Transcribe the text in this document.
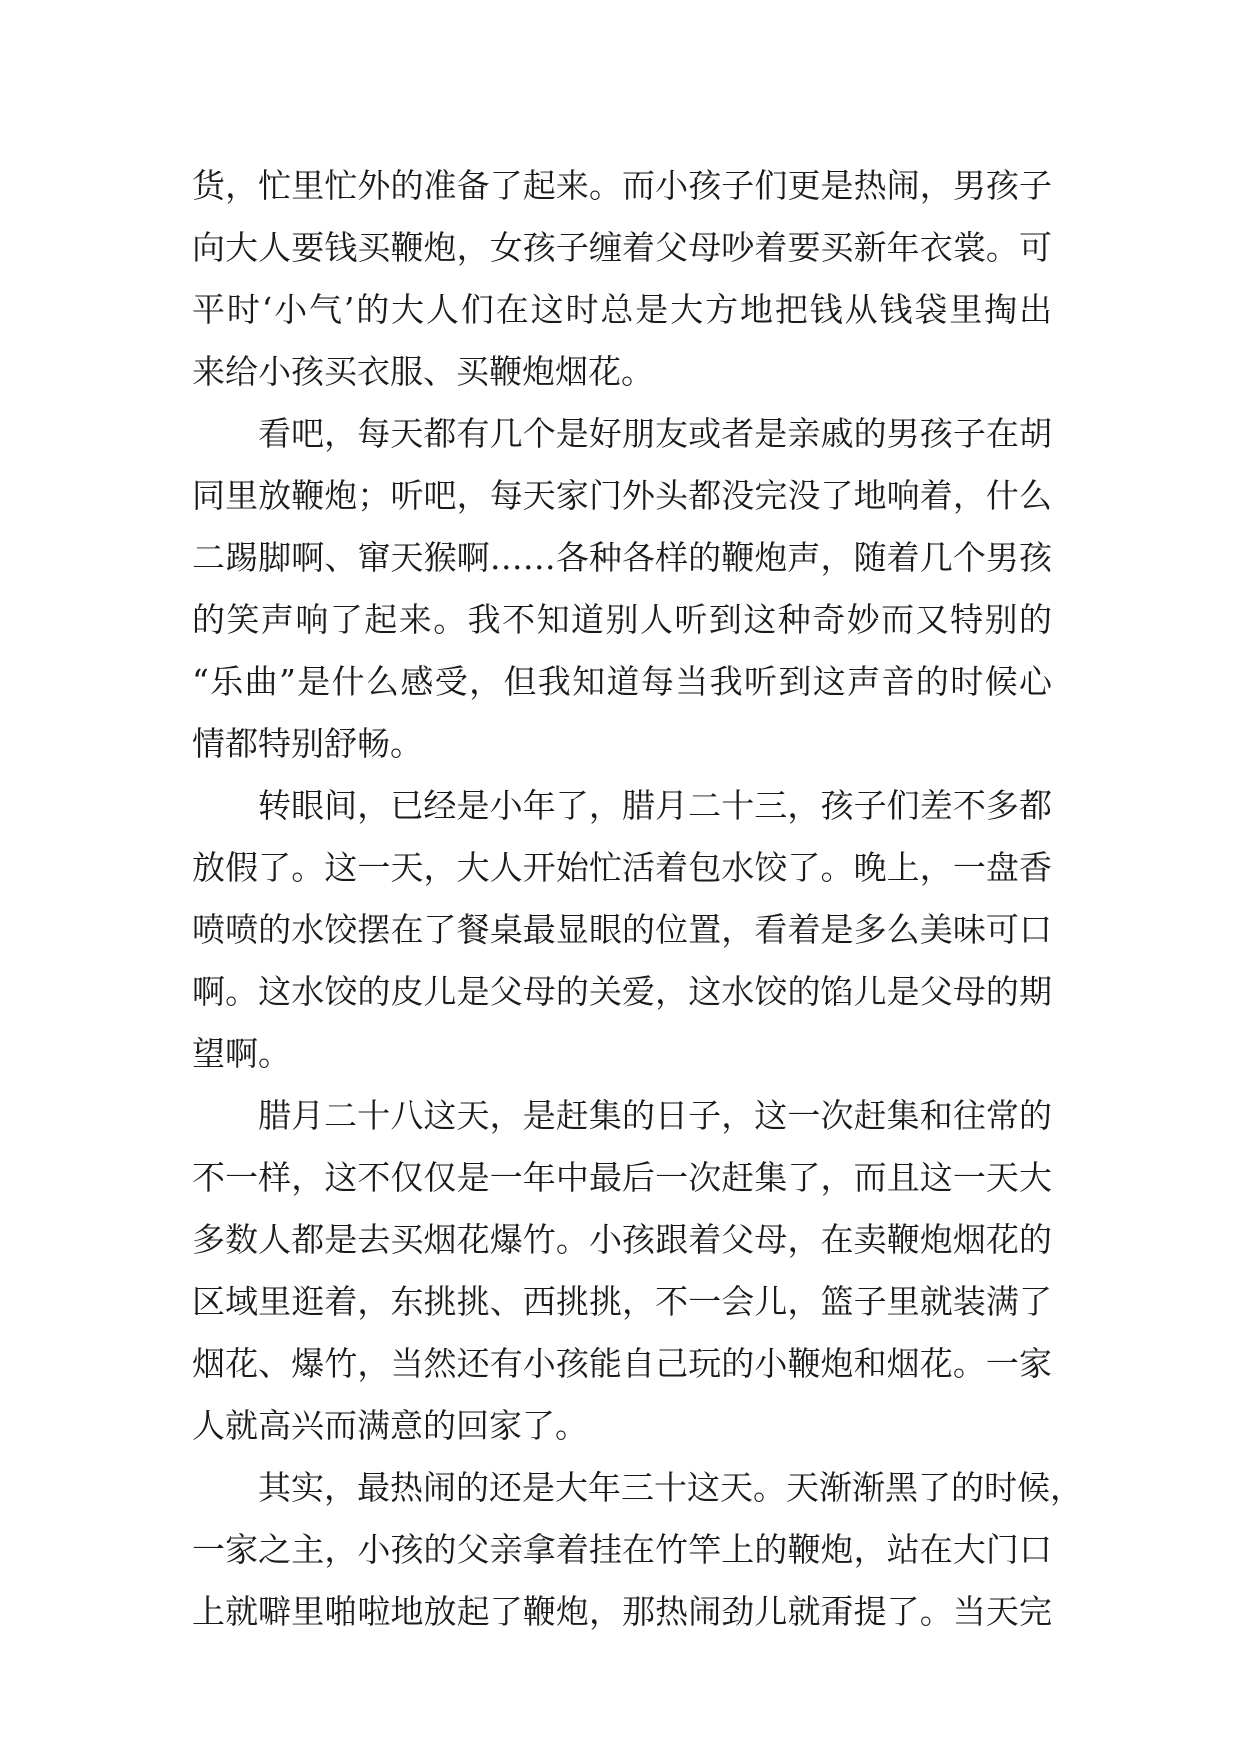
货，忙里忙外的准备了起来。而小孩子们更是热闹，男孩子
向大人要钱买鞭炮，女孩子缠着父母吵着要买新年衣裳。可
平时‘小气’的大人们在这时总是大方地把钱从钱袋里掏出
来给小孩买衣服、买鞭炮烟花。
看吧，每天都有几个是好朋友或者是亲戚的男孩子在胡
同里放鞭炮；听吧，每天家门外头都没完没了地响着，什么
二踢脚啊、窜天猴啊……各种各样的鞭炮声，随着几个男孩
的笑声响了起来。我不知道别人听到这种奇妙而又特别的
“乐曲”是什么感受，但我知道每当我听到这声音的时候心
情都特别舒畅。
转眼间，已经是小年了，腊月二十三，孩子们差不多都
放假了。这一天，大人开始忙活着包水饺了。晚上，一盘香
喷喷的水饺摆在了餐桌最显眼的位置，看着是多么美味可口
啊。这水饺的皮儿是父母的关爱，这水饺的馅儿是父母的期
望啊。
腊月二十八这天，是赶集的日子，这一次赶集和往常的
不一样，这不仅仅是一年中最后一次赶集了，而且这一天大
多数人都是去买烟花爆竹。小孩跟着父母，在卖鞭炮烟花的
区域里逛着，东挑挑、西挑挑，不一会儿，篮子里就装满了
烟花、爆竹，当然还有小孩能自己玩的小鞭炮和烟花。一家
人就高兴而满意的回家了。
其实，最热闹的还是大年三十这天。天渐渐黑了的时候，
一家之主，小孩的父亲拿着挂在竹竿上的鞭炮，站在大门口
上就噼里啪啦地放起了鞭炮，那热闹劲儿就甭提了。当天完
